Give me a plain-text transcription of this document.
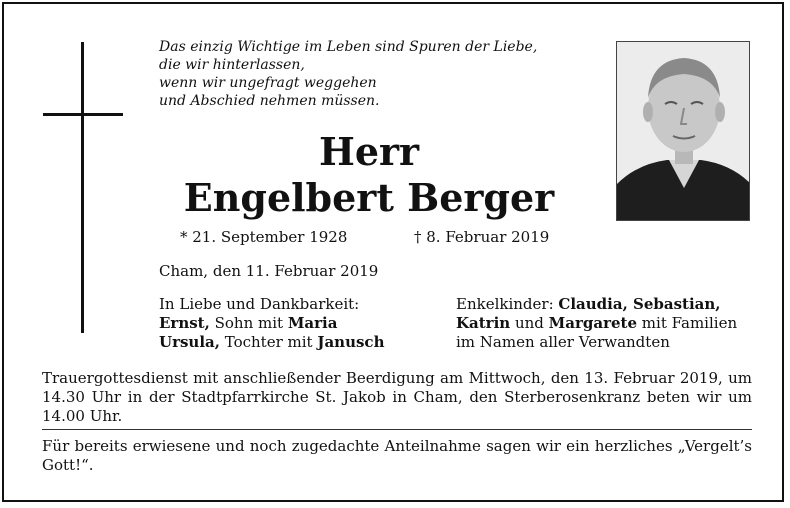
Das einzig Wichtige im Leben sind Spuren der Liebe,
die wir hinterlassen,
wenn wir ungefragt weggehen
und Abschied nehmen müssen.
Herr
Engelbert Berger
* 21. September 1928	† 8. Februar 2019
Cham, den 11. Februar 2019
In Liebe und Dankbarkeit:
Ernst, Sohn mit Maria
Ursula, Tochter mit Janusch
Enkelkinder: Claudia, Sebastian,
Katrin und Margarete mit Familien
im Namen aller Verwandten

Trauergottesdienst mit anschließender Beerdigung am Mittwoch, den 13. Februar 2019, um 14.30 Uhr in der Stadtpfarrkirche St. Jakob in Cham, den Sterberosenkranz beten wir um 14.00 Uhr.

Für bereits erwiesene und noch zugedachte Anteilnahme sagen wir ein herzliches „Vergelt’s Gott!“.
